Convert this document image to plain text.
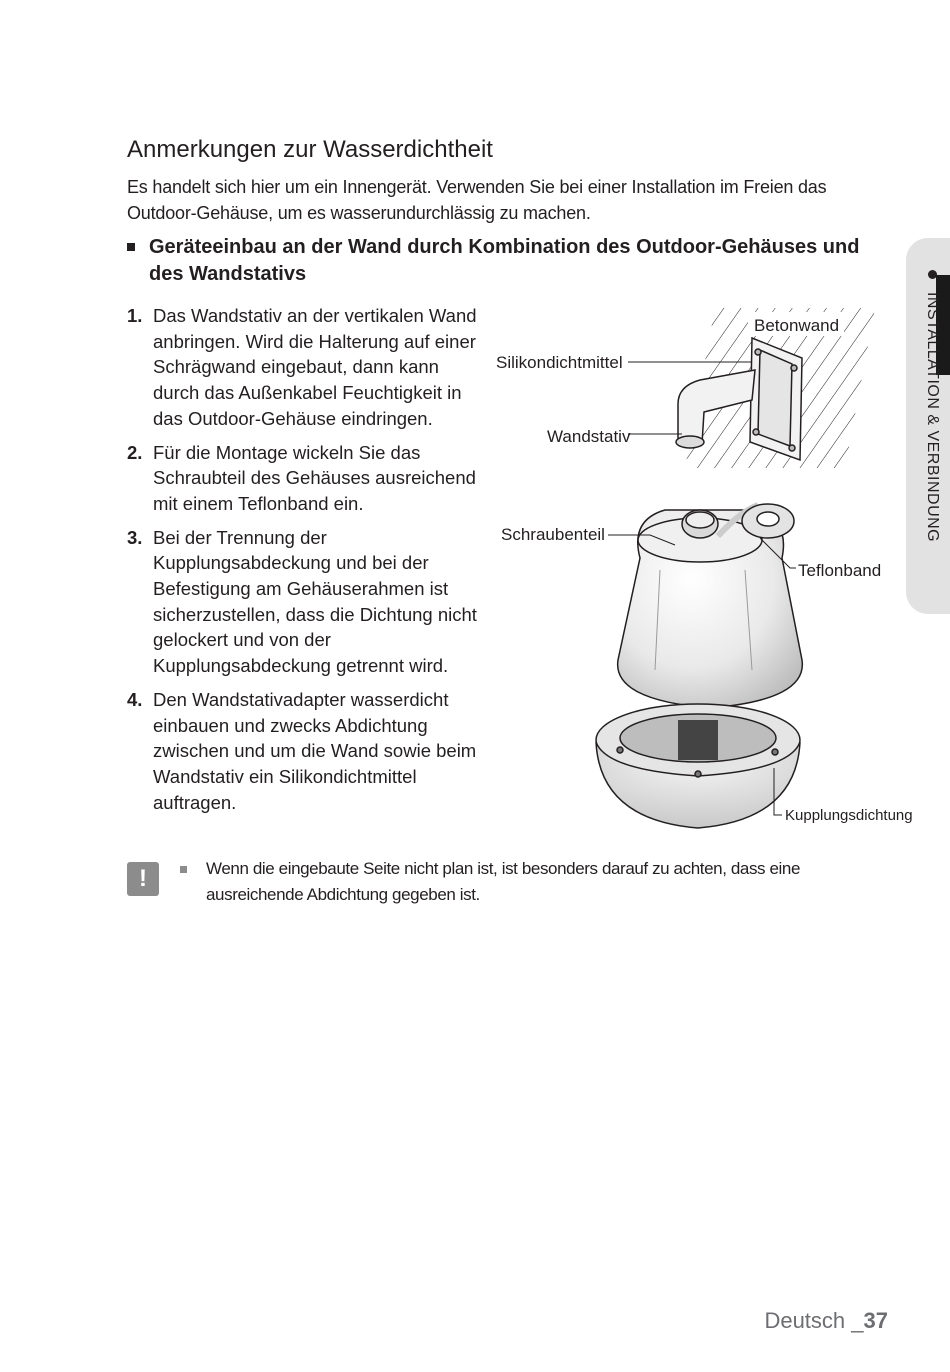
Anmerkungen zur Wasserdichtheit

Es handelt sich hier um ein Innengerät. Verwenden Sie bei einer Installation im Freien das Outdoor-Gehäuse, um es wasserundurchlässig zu machen.

Geräteeinbau an der Wand durch Kombination des Outdoor-Gehäuses und des Wandstativs
1. Das Wandstativ an der vertikalen Wand anbringen. Wird die Halterung auf einer Schrägwand eingebaut, dann kann durch das Außenkabel Feuchtigkeit in das Outdoor-Gehäuse eindringen.
2. Für die Montage wickeln Sie das Schraubteil des Gehäuses ausreichend mit einem Teflonband ein.
3. Bei der Trennung der Kupplungsabdeckung und bei der Befestigung am Gehäuserahmen ist sicherzustellen, dass die Dichtung nicht gelockert und von der Kupplungsabdeckung getrennt wird.
4. Den Wandstativadapter wasserdicht einbauen und zwecks Abdichtung zwischen und um die Wand sowie beim Wandstativ ein Silikondichtmittel auftragen.
Betonwand
Silikondichtmittel
Wandstativ
Schraubenteil
Teflonband
Kupplungsdichtung
!	Wenn die eingebaute Seite nicht plan ist, ist besonders darauf zu achten, dass eine ausreichende Abdichtung gegeben ist.
INSTALLATION & VERBINDUNG
Deutsch _37
